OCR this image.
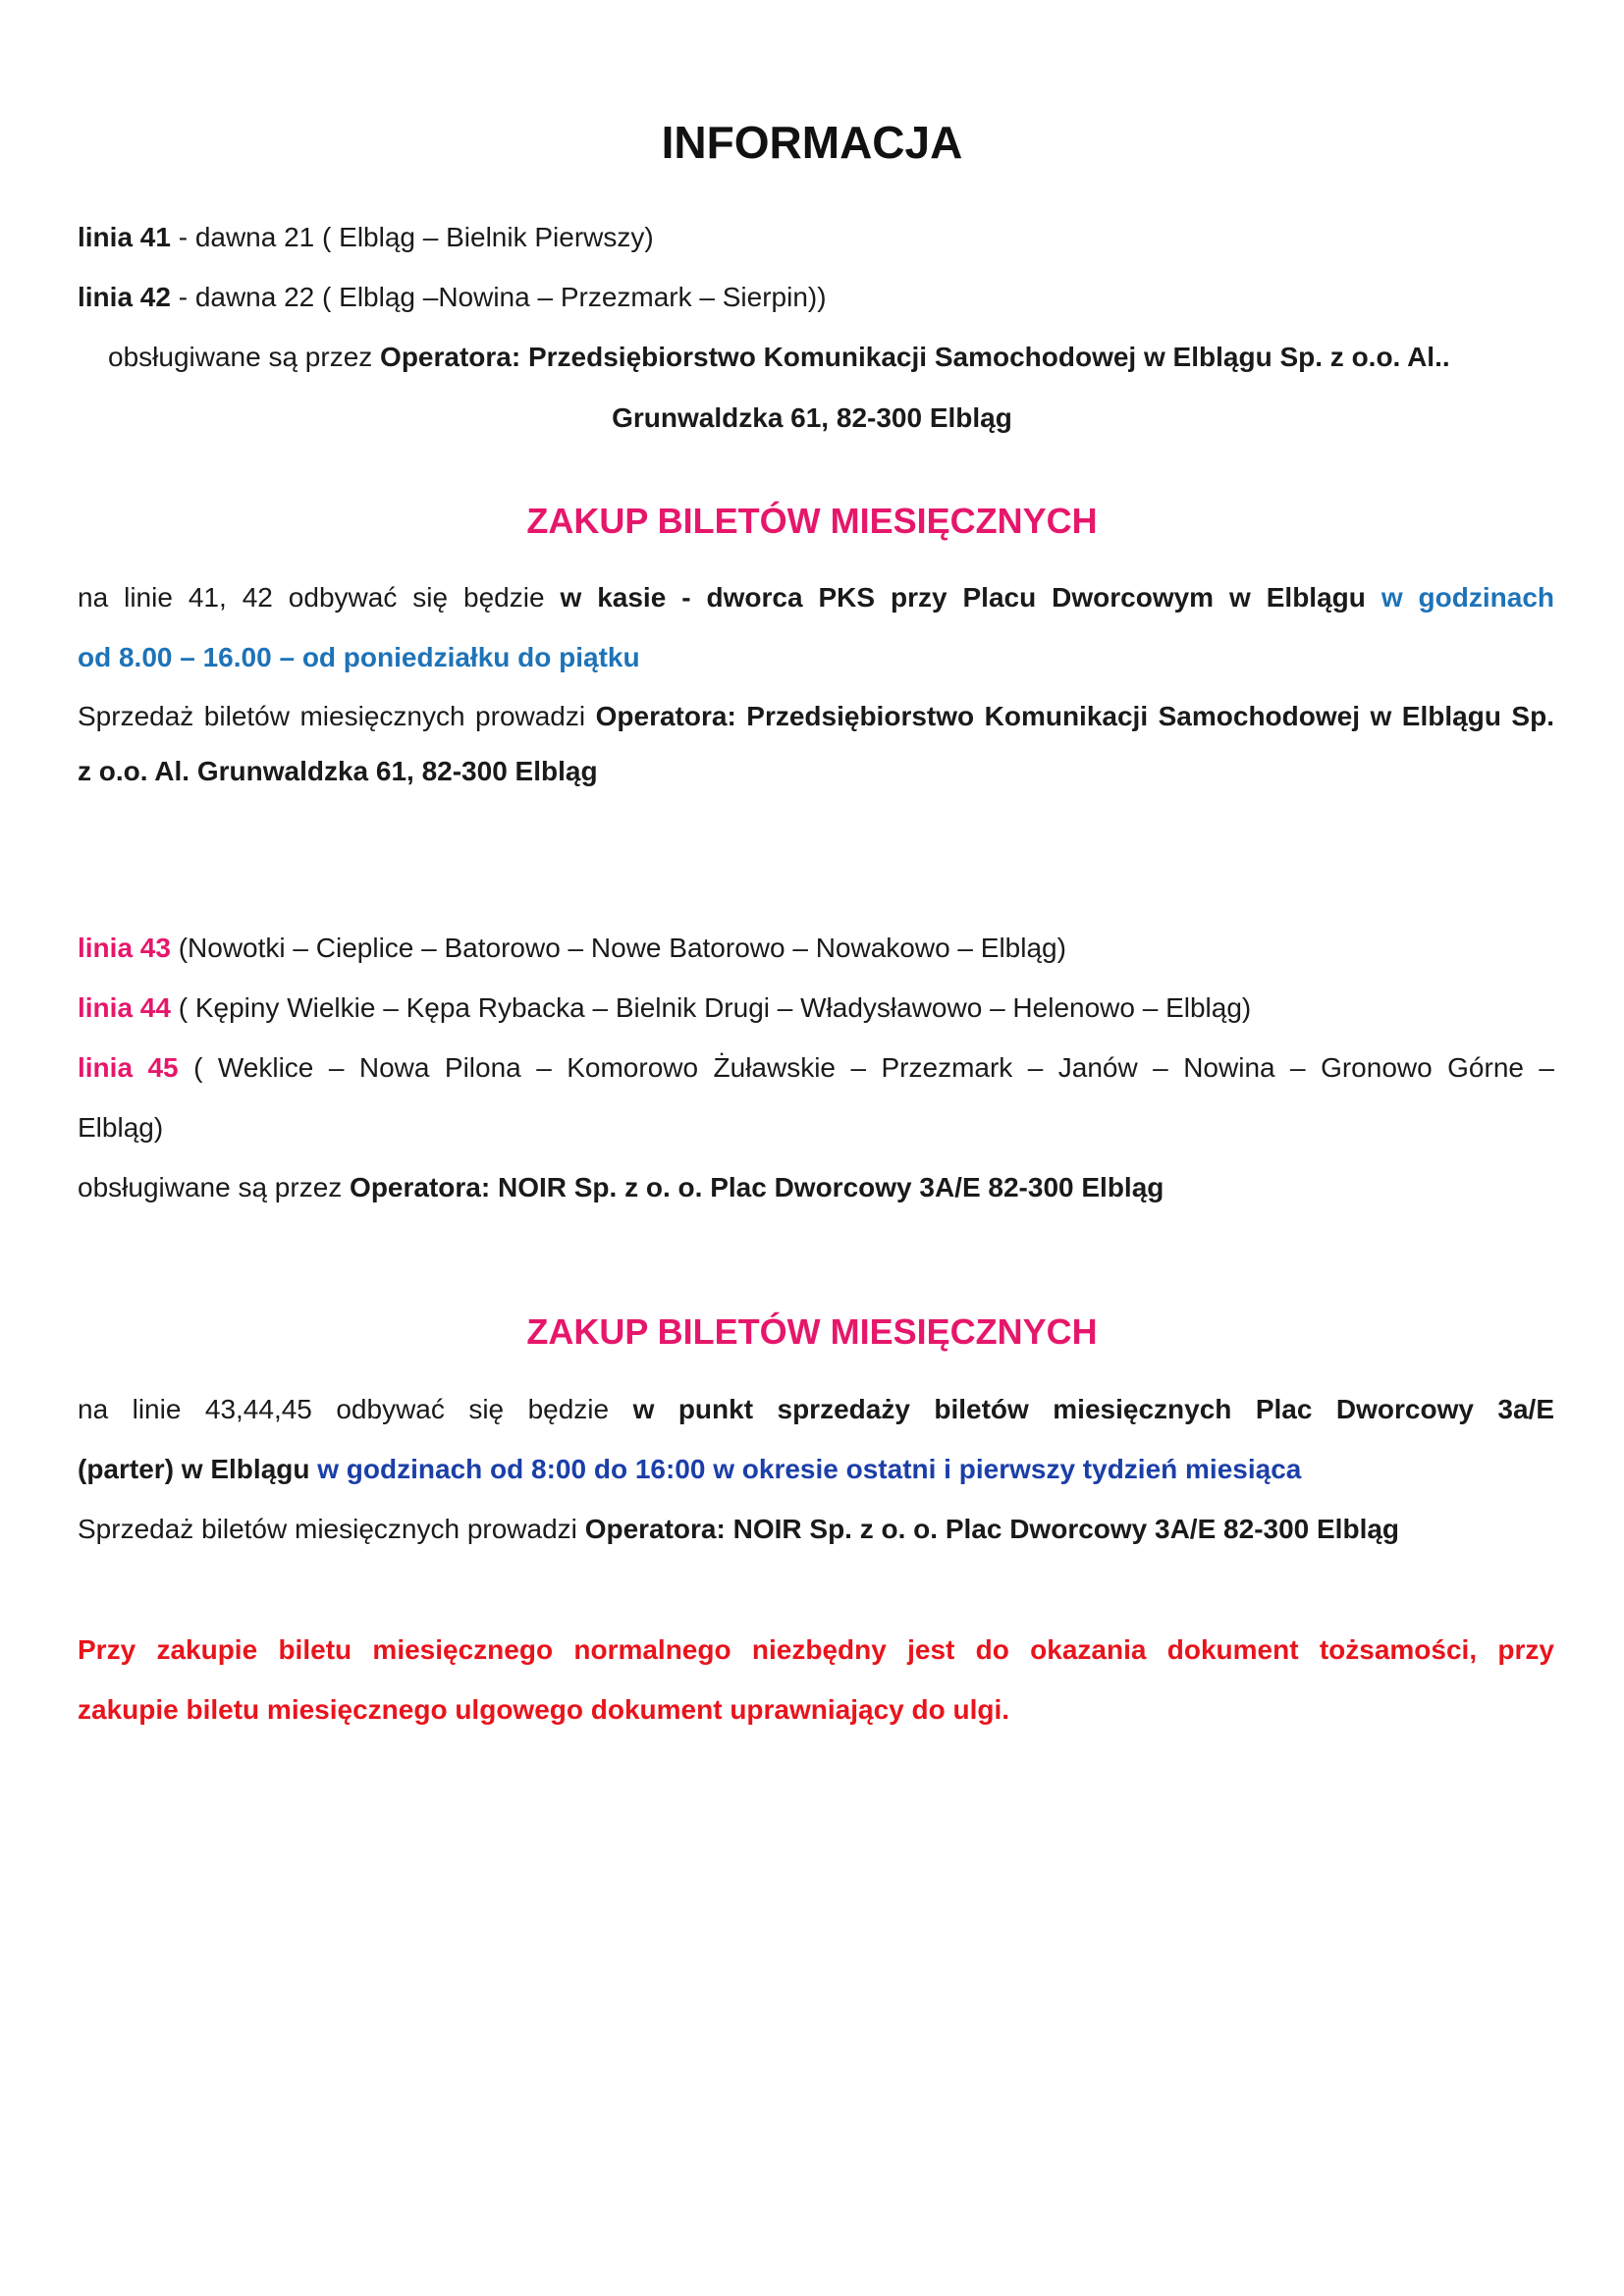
INFORMACJA
linia 41 - dawna 21 ( Elbląg – Bielnik Pierwszy)
linia 42 - dawna 22 ( Elbląg –Nowina – Przezmark – Sierpin))
obsługiwane są przez Operatora: Przedsiębiorstwo Komunikacji Samochodowej w Elblągu Sp. z o.o. Al..
Grunwaldzka 61, 82-300 Elbląg
ZAKUP BILETÓW MIESIĘCZNYCH
na linie 41, 42 odbywać się będzie w kasie - dworca PKS przy Placu Dworcowym w Elblągu w godzinach
od 8.00 – 16.00 – od poniedziałku do piątku
Sprzedaż biletów miesięcznych prowadzi Operatora: Przedsiębiorstwo Komunikacji Samochodowej w Elblągu Sp.
z o.o. Al. Grunwaldzka 61, 82-300 Elbląg
linia 43 (Nowotki – Cieplice – Batorowo – Nowe Batorowo – Nowakowo – Elbląg)
linia 44 ( Kępiny Wielkie – Kępa Rybacka – Bielnik Drugi – Władysławowo – Helenowo – Elbląg)
linia 45 ( Weklice – Nowa Pilona – Komorowo Żuławskie – Przezmark – Janów – Nowina – Gronowo Górne –
Elbląg)
obsługiwane są przez Operatora: NOIR Sp. z o. o. Plac Dworcowy 3A/E 82-300 Elbląg
ZAKUP BILETÓW MIESIĘCZNYCH
na linie 43,44,45 odbywać się będzie w punkt sprzedaży biletów miesięcznych Plac Dworcowy 3a/E
(parter) w Elblągu w godzinach od 8:00 do 16:00 w okresie ostatni i pierwszy tydzień miesiąca
Sprzedaż biletów miesięcznych prowadzi Operatora: NOIR Sp. z o. o. Plac Dworcowy 3A/E 82-300 Elbląg
Przy zakupie biletu miesięcznego normalnego niezbędny jest do okazania dokument tożsamości, przy
zakupie biletu miesięcznego ulgowego dokument uprawniający do ulgi.
